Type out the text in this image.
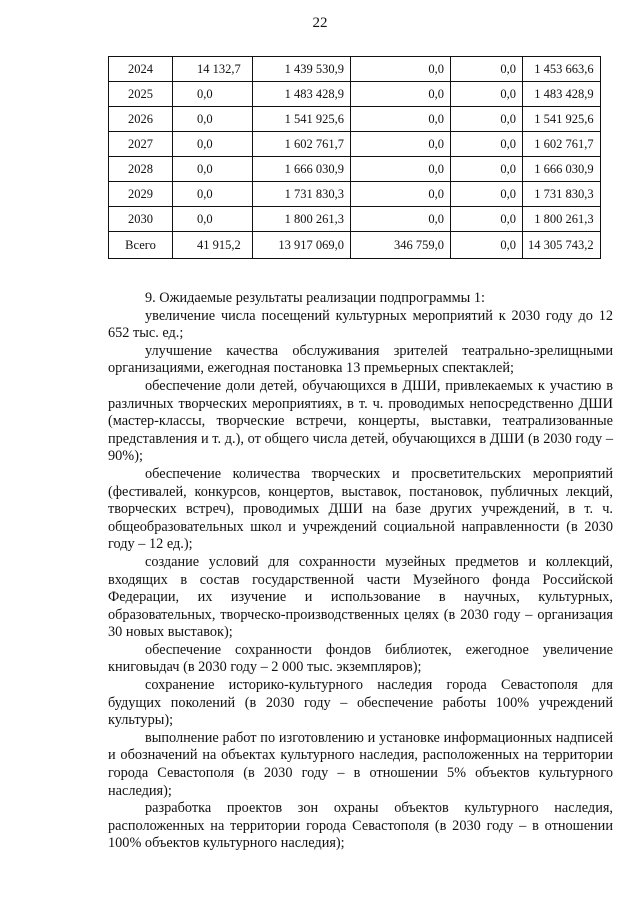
22
2024	14 132,7	1 439 530,9	0,0	0,0	1 453 663,6
2025	0,0	1 483 428,9	0,0	0,0	1 483 428,9
2026	0,0	1 541 925,6	0,0	0,0	1 541 925,6
2027	0,0	1 602 761,7	0,0	0,0	1 602 761,7
2028	0,0	1 666 030,9	0,0	0,0	1 666 030,9
2029	0,0	1 731 830,3	0,0	0,0	1 731 830,3
2030	0,0	1 800 261,3	0,0	0,0	1 800 261,3
Всего	41 915,2	13 917 069,0	346 759,0	0,0	14 305 743,2

9. Ожидаемые результаты реализации подпрограммы 1:

увеличение числа посещений культурных мероприятий к 2030 году до 12 652 тыс. ед.;

улучшение качества обслуживания зрителей театрально-зрелищными организациями, ежегодная постановка 13 премьерных спектаклей;

обеспечение доли детей, обучающихся в ДШИ, привлекаемых к участию в различных творческих мероприятиях, в т. ч. проводимых непосредственно ДШИ (мастер-классы, творческие встречи, концерты, выставки, театрализованные представления и т. д.), от общего числа детей, обучающихся в ДШИ (в 2030 году – 90%);

обеспечение количества творческих и просветительских мероприятий (фестивалей, конкурсов, концертов, выставок, постановок, публичных лекций, творческих встреч), проводимых ДШИ на базе других учреждений, в т. ч. общеобразовательных школ и учреждений социальной направленности (в 2030 году – 12 ед.);

создание условий для сохранности музейных предметов и коллекций, входящих в состав государственной части Музейного фонда Российской Федерации, их изучение и использование в научных, культурных, образовательных, творческо-производственных целях (в 2030 году – организация 30 новых выставок);

обеспечение сохранности фондов библиотек, ежегодное увеличение книговыдач (в 2030 году – 2 000 тыс. экземпляров);

сохранение историко-культурного наследия города Севастополя для будущих поколений (в 2030 году – обеспечение работы 100% учреждений культуры);

выполнение работ по изготовлению и установке информационных надписей и обозначений на объектах культурного наследия, расположенных на территории города Севастополя (в 2030 году – в отношении 5% объектов культурного наследия);

разработка проектов зон охраны объектов культурного наследия, расположенных на территории города Севастополя (в 2030 году – в отношении 100% объектов культурного наследия);
